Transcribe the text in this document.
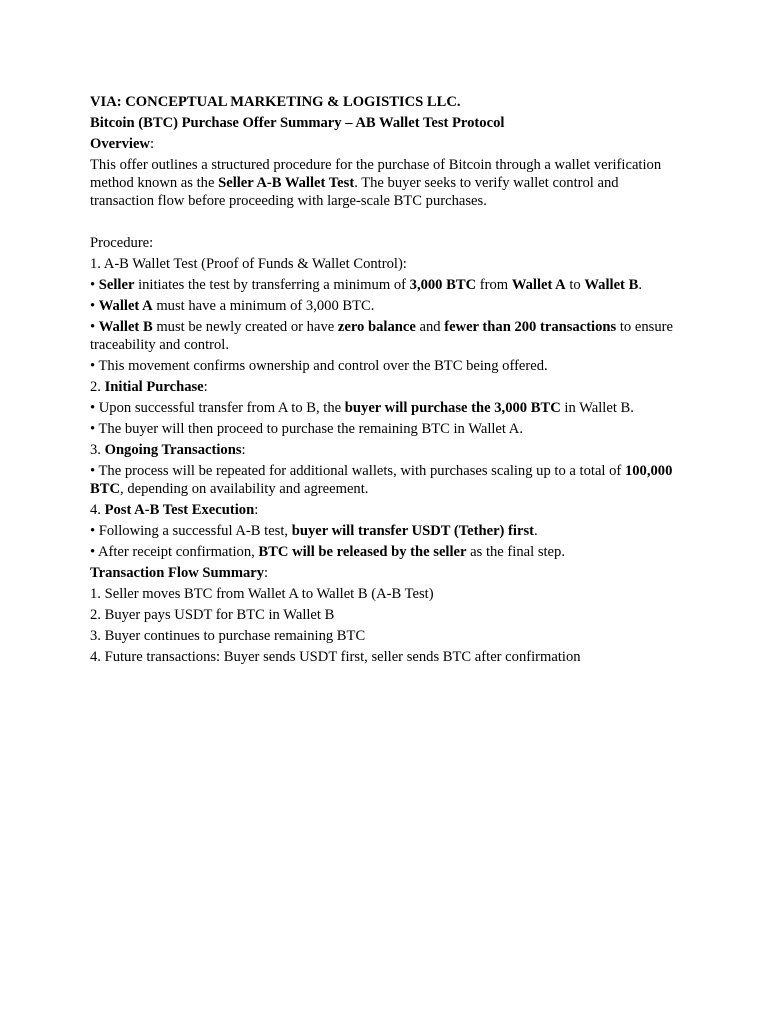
VIA: CONCEPTUAL MARKETING & LOGISTICS LLC.

Bitcoin (BTC) Purchase Offer Summary – AB Wallet Test Protocol

Overview:

This offer outlines a structured procedure for the purchase of Bitcoin through a wallet verification method known as the Seller A-B Wallet Test. The buyer seeks to verify wallet control and transaction flow before proceeding with large-scale BTC purchases.

Procedure:

1. A-B Wallet Test (Proof of Funds & Wallet Control):

• Seller initiates the test by transferring a minimum of 3,000 BTC from Wallet A to Wallet B.

• Wallet A must have a minimum of 3,000 BTC.

• Wallet B must be newly created or have zero balance and fewer than 200 transactions to ensure traceability and control.

• This movement confirms ownership and control over the BTC being offered.

2. Initial Purchase:

• Upon successful transfer from A to B, the buyer will purchase the 3,000 BTC in Wallet B.

• The buyer will then proceed to purchase the remaining BTC in Wallet A.

3. Ongoing Transactions:

• The process will be repeated for additional wallets, with purchases scaling up to a total of 100,000 BTC, depending on availability and agreement.

4. Post A-B Test Execution:

• Following a successful A-B test, buyer will transfer USDT (Tether) first.

• After receipt confirmation, BTC will be released by the seller as the final step.

Transaction Flow Summary:

1. Seller moves BTC from Wallet A to Wallet B (A-B Test)

2. Buyer pays USDT for BTC in Wallet B

3. Buyer continues to purchase remaining BTC

4. Future transactions: Buyer sends USDT first, seller sends BTC after confirmation
